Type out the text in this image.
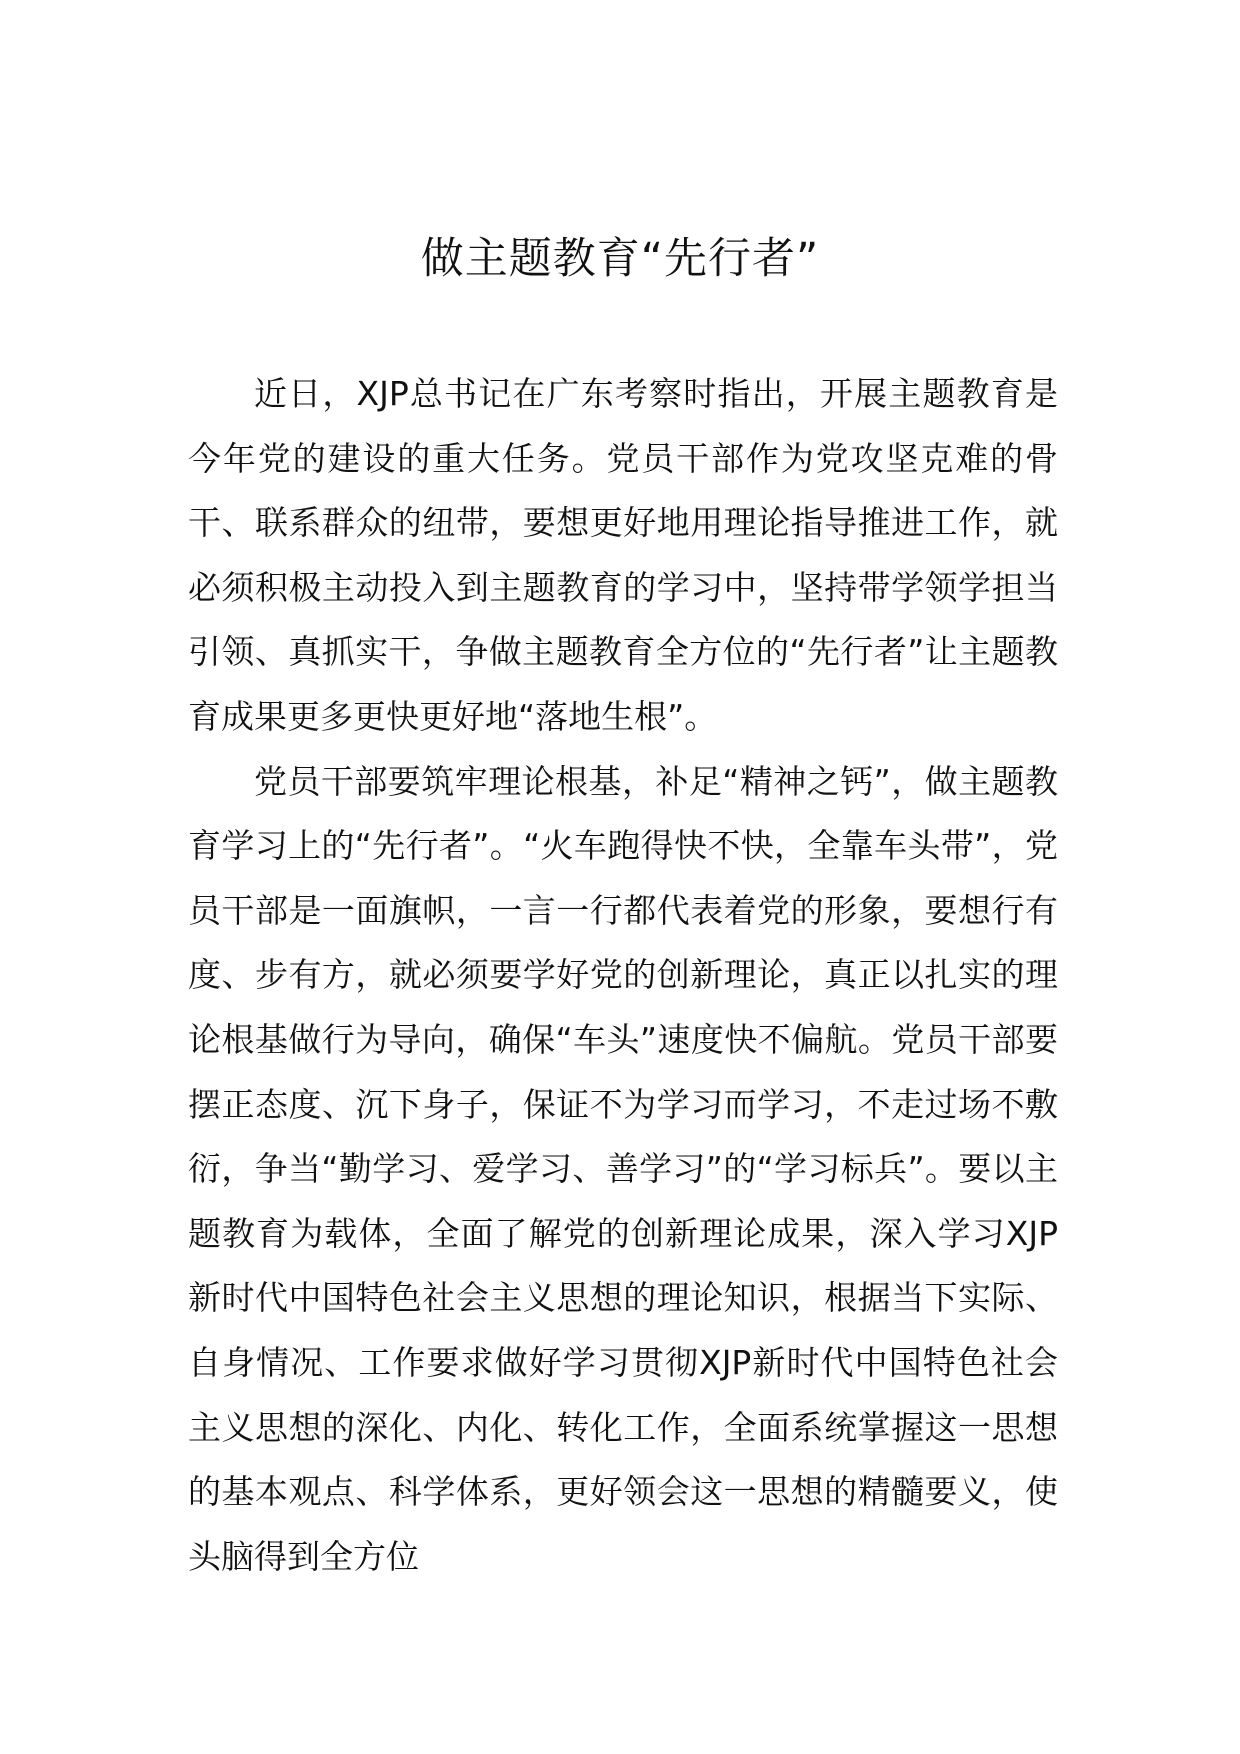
做主题教育“先行者”

近日，XJP总书记在广东考察时指出，开展主题教育是今年党的建设的重大任务。党员干部作为党攻坚克难的骨干、联系群众的纽带，要想更好地用理论指导推进工作，就必须积极主动投入到主题教育的学习中，坚持带学领学担当引领、真抓实干，争做主题教育全方位的“先行者”让主题教育成果更多更快更好地“落地生根”。

党员干部要筑牢理论根基，补足“精神之钙”，做主题教育学习上的“先行者”。“火车跑得快不快，全靠车头带”，党员干部是一面旗帜，一言一行都代表着党的形象，要想行有度、步有方，就必须要学好党的创新理论，真正以扎实的理论根基做行为导向，确保“车头”速度快不偏航。党员干部要摆正态度、沉下身子，保证不为学习而学习，不走过场不敷衍，争当“勤学习、爱学习、善学习”的“学习标兵”。要以主题教育为载体，全面了解党的创新理论成果，深入学习XJP新时代中国特色社会主义思想的理论知识，根据当下实际、自身情况、工作要求做好学习贯彻XJP新时代中国特色社会主义思想的深化、内化、转化工作，全面系统掌握这一思想的基本观点、科学体系，更好领会这一思想的精髓要义，使头脑得到全方位
